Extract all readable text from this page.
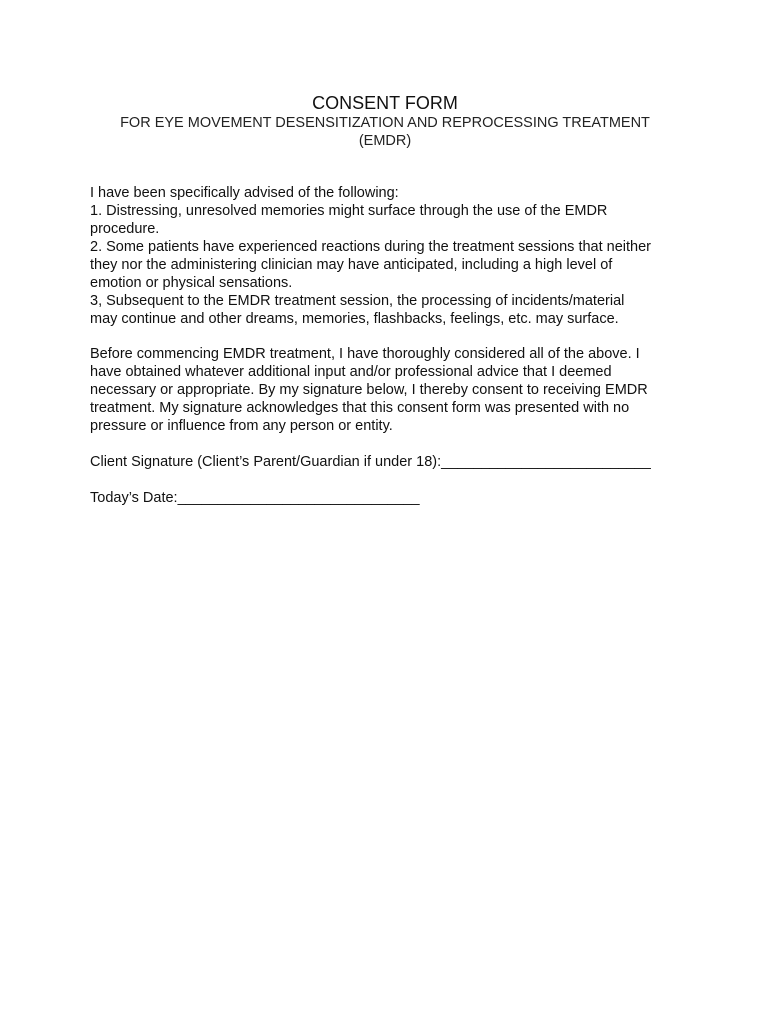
CONSENT FORM
FOR EYE MOVEMENT DESENSITIZATION AND REPROCESSING TREATMENT
(EMDR)
I have been specifically advised of the following:
1. Distressing, unresolved memories might surface through the use of the EMDR
procedure.
2. Some patients have experienced reactions during the treatment sessions that neither
they nor the administering clinician may have anticipated, including a high level of
emotion or physical sensations.
3, Subsequent to the EMDR treatment session, the processing of incidents/material
may continue and other dreams, memories, flashbacks, feelings, etc. may surface.
Before commencing EMDR treatment, I have thoroughly considered all of the above. I
have obtained whatever additional input and/or professional advice that I deemed
necessary or appropriate. By my signature below, I thereby consent to receiving EMDR
treatment. My signature acknowledges that this consent form was presented with no
pressure or influence from any person or entity.
Client Signature (Client’s Parent/Guardian if under 18):__________________________
Today’s Date:______________________________
